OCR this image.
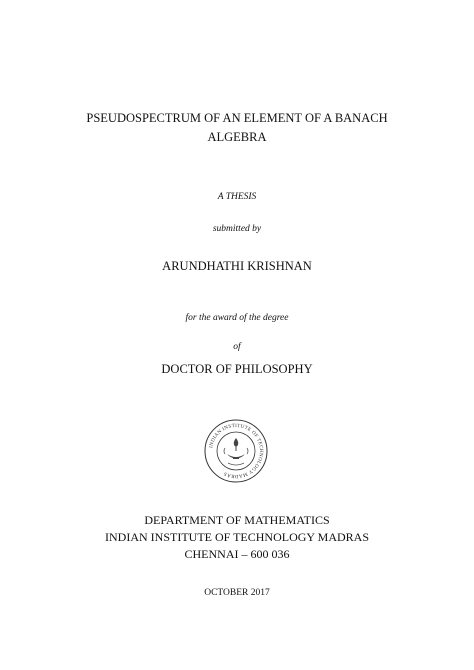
PSEUDOSPECTRUM OF AN ELEMENT OF A BANACH
ALGEBRA
A THESIS
submitted by
ARUNDHATHI KRISHNAN
for the award of the degree
of
DOCTOR OF PHILOSOPHY
INDIAN INSTITUTE OF TECHNOLOGY MADRAS
DEPARTMENT OF MATHEMATICS
INDIAN INSTITUTE OF TECHNOLOGY MADRAS
CHENNAI – 600 036
OCTOBER 2017
